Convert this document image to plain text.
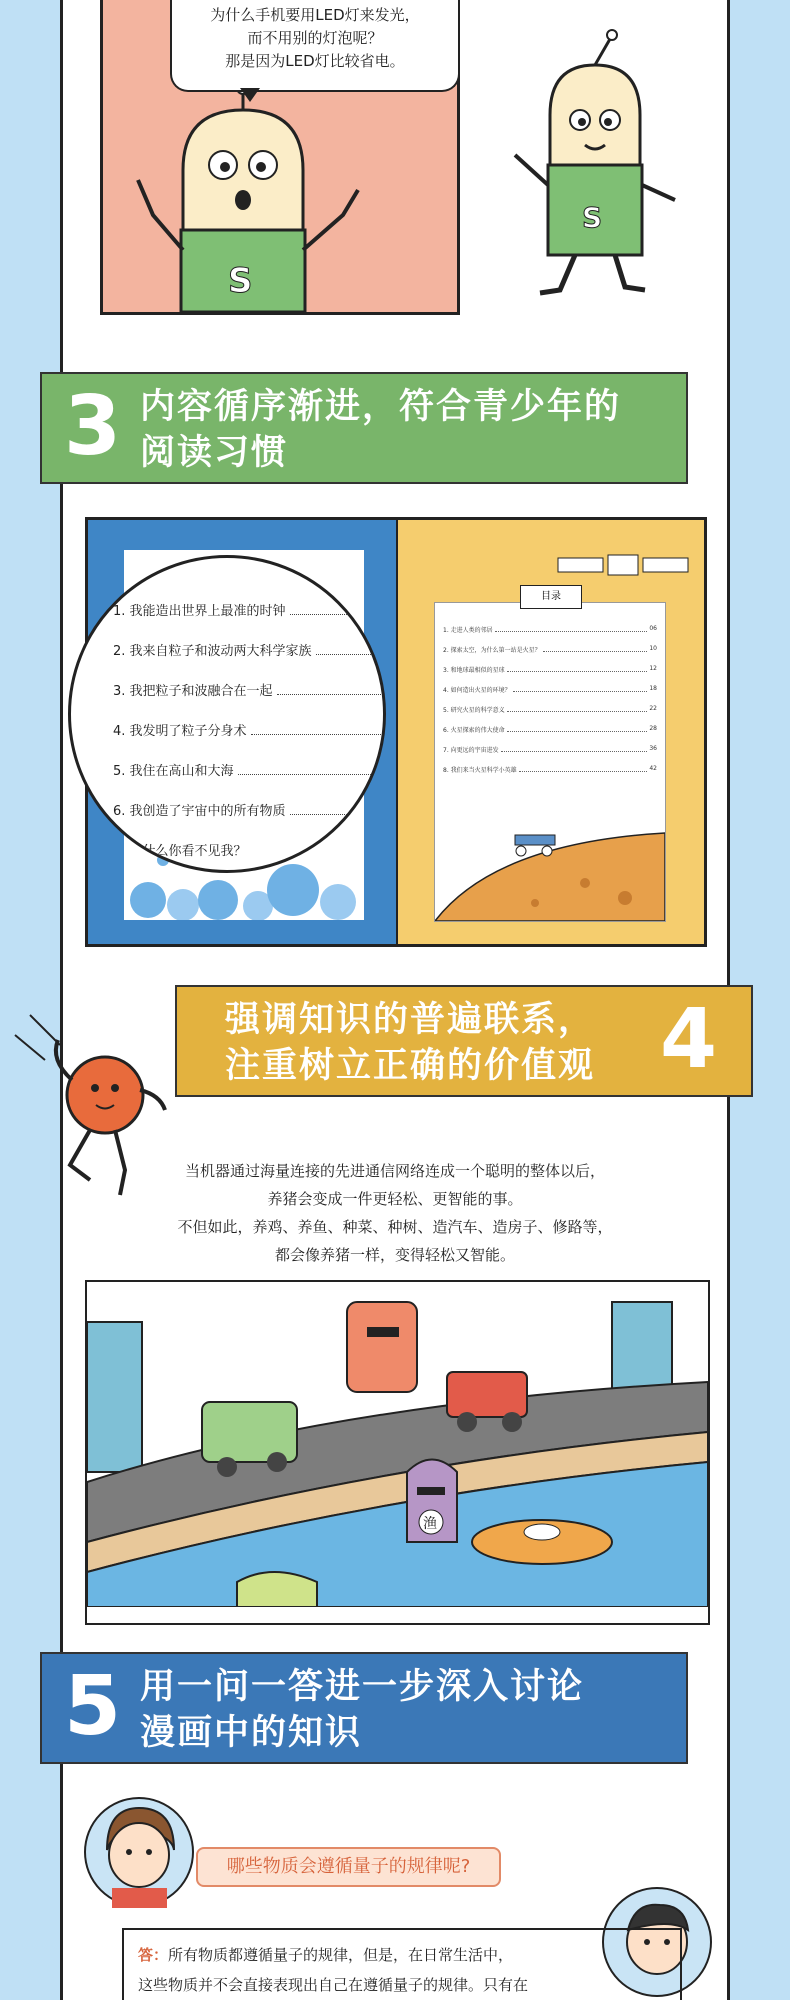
S
为什么手机要用LED灯来发光，
而不用别的灯泡呢？
那是因为LED灯比较省电。
S
3 内容循序渐进，符合青少年的
阅读习惯
1. 我能造出世界上最准的时钟
2. 我来自粒子和波动两大科学家族
3. 我把粒子和波融合在一起
4. 我发明了粒子分身术
5. 我住在高山和大海
6. 我创造了宇宙中的所有物质
7. 为什么你看不见我？
目录
1. 走进人类的邻居	06
2. 探索太空，为什么第一站是火星？	10
3. 和地球最相似的星球	12
4. 如何造出火星的环境？	18
5. 研究火星的科学意义	22
6. 火星探索的伟大使命	28
7. 向更远的宇宙进发	36
8. 我们来当火星科学小英雄	42
强调知识的普遍联系，
注重树立正确的价值观 4
当机器通过海量连接的先进通信网络连成一个聪明的整体以后，
养猪会变成一件更轻松、更智能的事。
不但如此，养鸡、养鱼、种菜、种树、造汽车、造房子、修路等，
都会像养猪一样，变得轻松又智能。
渔
5 用一问一答进一步深入讨论
漫画中的知识
哪些物质会遵循量子的规律呢?
答：所有物质都遵循量子的规律，但是，在日常生活中，
这些物质并不会直接表现出自己在遵循量子的规律。只有在
